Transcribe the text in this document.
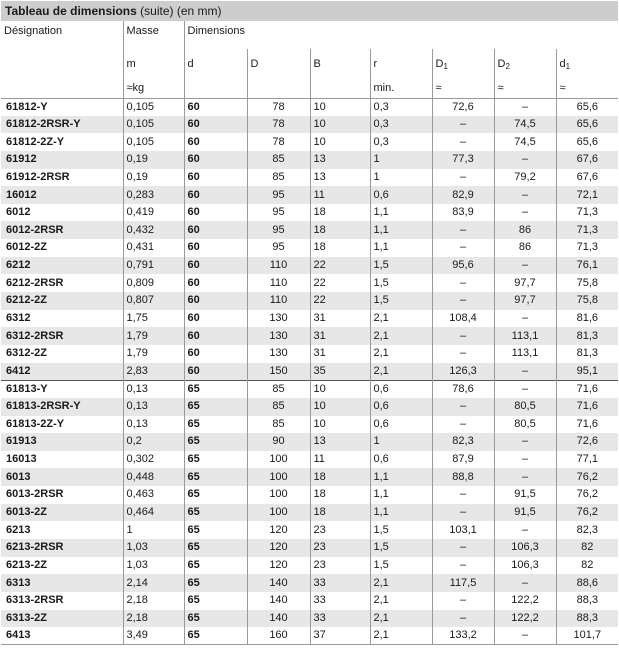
Tableau de dimensions (suite) (en mm)
Désignation	Masse	Dimensions						
	m	d	D	B	r	$D_1$	$D_2$	$d_1$
	≈kg				min.	≈	≈	≈
61812-Y	0,105	60	78	10	0,3	72,6	–	65,6
61812-2RSR-Y	0,105	60	78	10	0,3	–	74,5	65,6
61812-2Z-Y	0,105	60	78	10	0,3	–	74,5	65,6
61912	0,19	60	85	13	1	77,3	–	67,6
61912-2RSR	0,19	60	85	13	1	–	79,2	67,6
16012	0,283	60	95	11	0,6	82,9	–	72,1
6012	0,419	60	95	18	1,1	83,9	–	71,3
6012-2RSR	0,432	60	95	18	1,1	–	86	71,3
6012-2Z	0,431	60	95	18	1,1	–	86	71,3
6212	0,791	60	110	22	1,5	95,6	–	76,1
6212-2RSR	0,809	60	110	22	1,5	–	97,7	75,8
6212-2Z	0,807	60	110	22	1,5	–	97,7	75,8
6312	1,75	60	130	31	2,1	108,4	–	81,6
6312-2RSR	1,79	60	130	31	2,1	–	113,1	81,3
6312-2Z	1,79	60	130	31	2,1	–	113,1	81,3
6412	2,83	60	150	35	2,1	126,3	–	95,1
61813-Y	0,13	65	85	10	0,6	78,6	–	71,6
61813-2RSR-Y	0,13	65	85	10	0,6	–	80,5	71,6
61813-2Z-Y	0,13	65	85	10	0,6	–	80,5	71,6
61913	0,2	65	90	13	1	82,3	–	72,6
16013	0,302	65	100	11	0,6	87,9	–	77,1
6013	0,448	65	100	18	1,1	88,8	–	76,2
6013-2RSR	0,463	65	100	18	1,1	–	91,5	76,2
6013-2Z	0,464	65	100	18	1,1	–	91,5	76,2
6213	1	65	120	23	1,5	103,1	–	82,3
6213-2RSR	1,03	65	120	23	1,5	–	106,3	82
6213-2Z	1,03	65	120	23	1,5	–	106,3	82
6313	2,14	65	140	33	2,1	117,5	–	88,6
6313-2RSR	2,18	65	140	33	2,1	–	122,2	88,3
6313-2Z	2,18	65	140	33	2,1	–	122,2	88,3
6413	3,49	65	160	37	2,1	133,2	–	101,7
